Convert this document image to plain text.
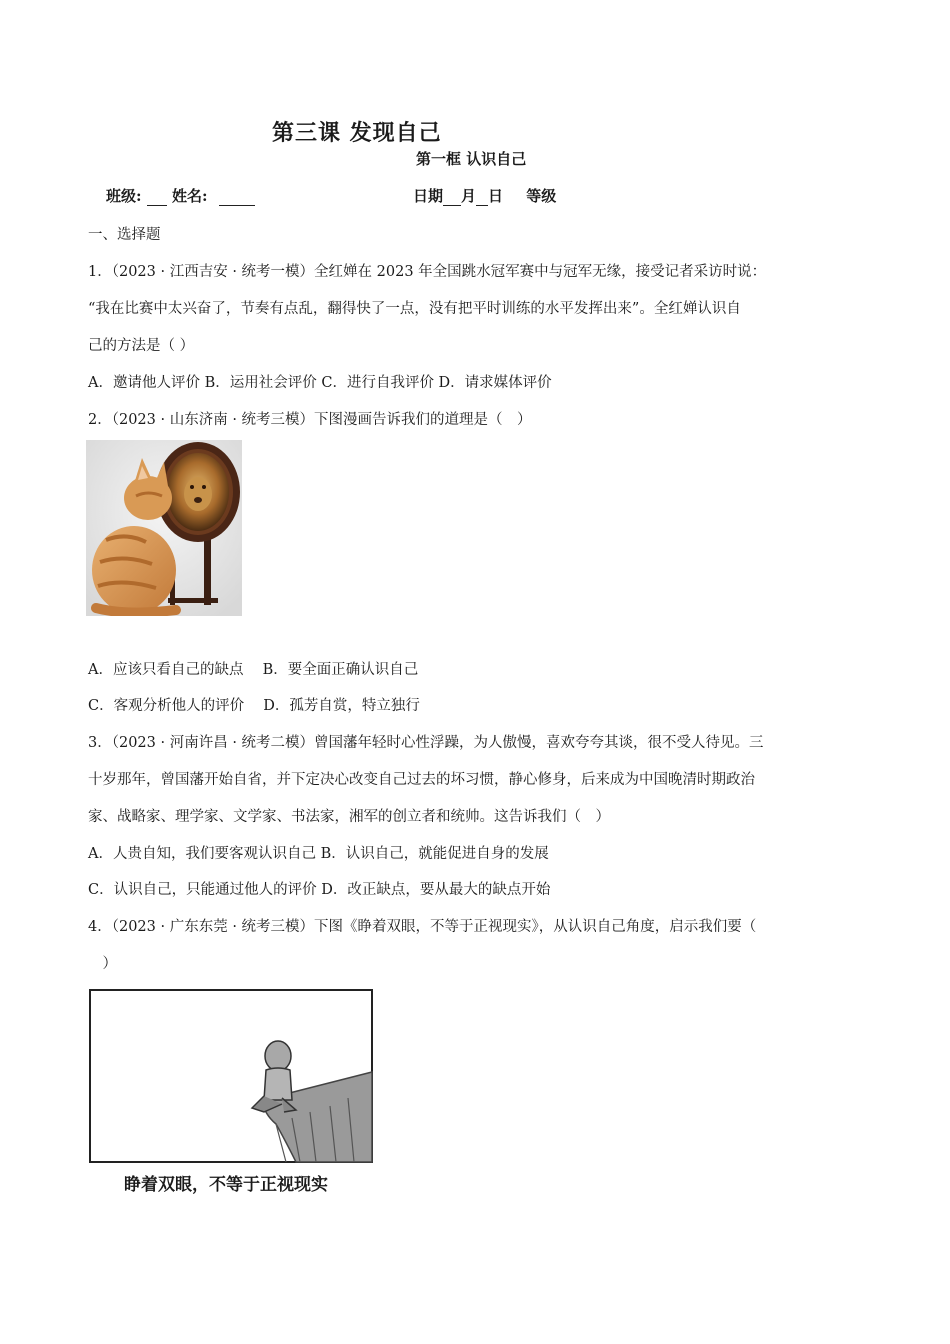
第三课 发现自己
第一框 认识自己
班级: 姓名:	日期 月 日 等级
一、选择题
1．（2023 · 江西吉安 · 统考一模）全红婵在 2023 年全国跳水冠军赛中与冠军无缘，接受记者采访时说：
“我在比赛中太兴奋了，节奏有点乱，翻得快了一点，没有把平时训练的水平发挥出来”。全红婵认识自
己的方法是（ ）
A．邀请他人评价 B．运用社会评价 C．进行自我评价 D．请求媒体评价
2．（2023 · 山东济南 · 统考三模）下图漫画告诉我们的道理是（　）
A．应该只看自己的缺点　 B．要全面正确认识自己
C．客观分析他人的评价　 D．孤芳自赏，特立独行
3．（2023 · 河南许昌 · 统考二模）曾国藩年轻时心性浮躁，为人傲慢，喜欢夸夸其谈，很不受人待见。三
十岁那年，曾国藩开始自省，并下定决心改变自己过去的坏习惯，静心修身，后来成为中国晚清时期政治
家、战略家、理学家、文学家、书法家，湘军的创立者和统帅。这告诉我们（　）
A．人贵自知，我们要客观认识自己 B．认识自己，就能促进自身的发展
C．认识自己，只能通过他人的评价 D．改正缺点，要从最大的缺点开始
4．（2023 · 广东东莞 · 统考三模）下图《睁着双眼，不等于正视现实》，从认识自己角度，启示我们要（
　）
睁着双眼，不等于正视现实
